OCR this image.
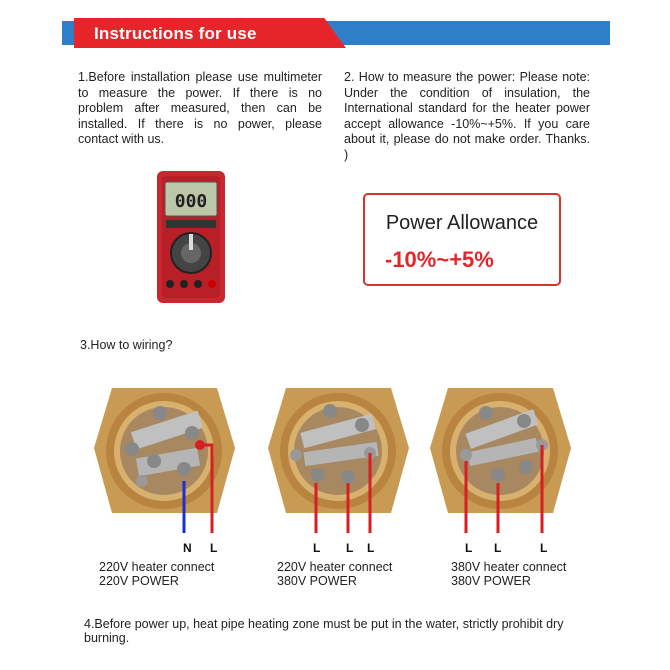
Instructions for use
1.Before installation please use multimeter to measure the power. If there is no problem after measured, then can be installed. If there is no power, please contact with us.
2. How to measure the power: Please note: Under the condition of insulation, the International standard for the heater power accept allowance -10%~+5%. If you care about it, please do not make order. Thanks. )
000
Power Allowance
-10%~+5%
3.How to wiring?
N L
220V heater connect
220V POWER
L L L
220V heater connect
380V POWER
L L	L
380V heater connect
380V POWER
4.Before power up, heat pipe heating zone must be put in the water, strictly prohibit dry burning.
